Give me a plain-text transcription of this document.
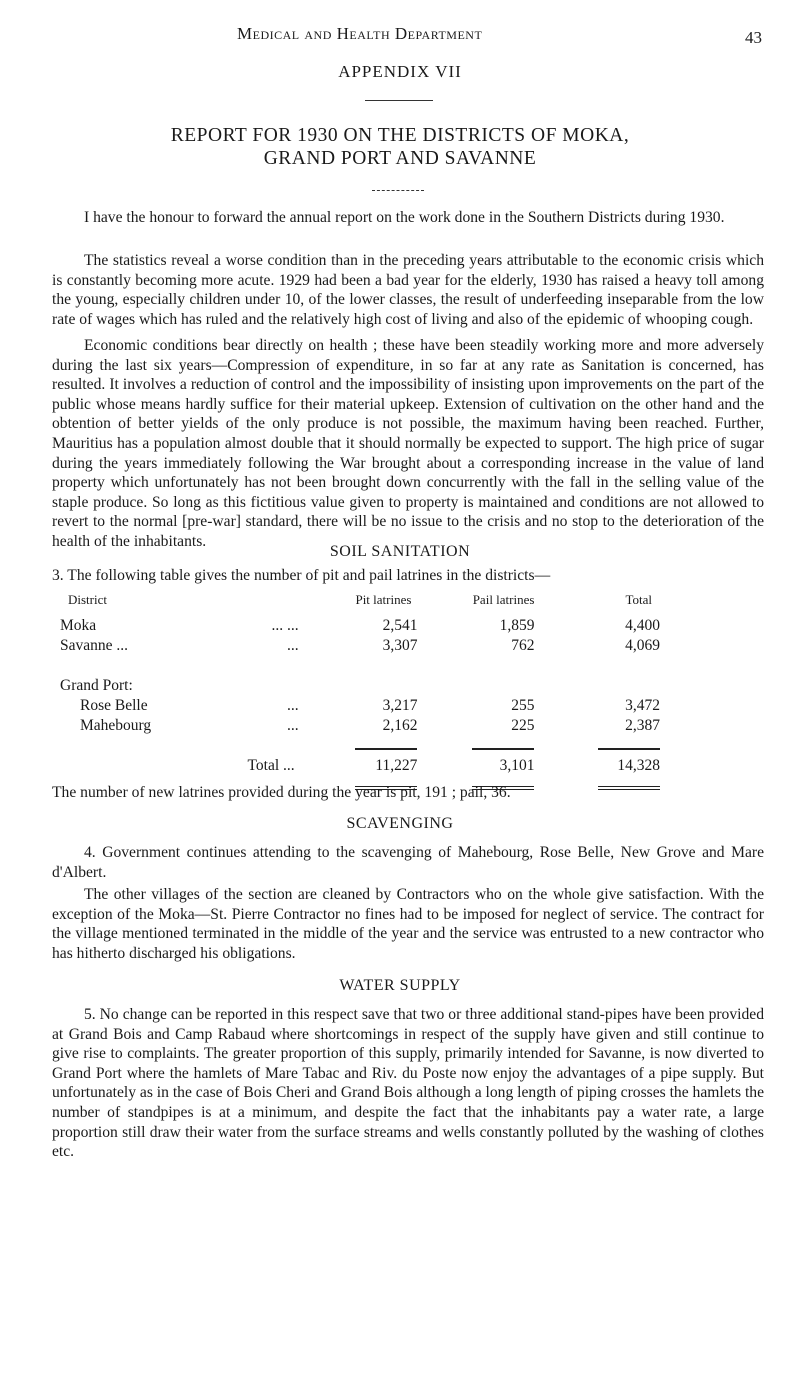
Medical and Health Department	43
APPENDIX VII
REPORT FOR 1930 ON THE DISTRICTS OF MOKA,
GRAND PORT AND SAVANNE

I have the honour to forward the annual report on the work done in the Southern Districts during 1930.

The statistics reveal a worse condition than in the preceding years attributable to the economic crisis which is constantly becoming more acute. 1929 had been a bad year for the elderly, 1930 has raised a heavy toll among the young, especially children under 10, of the lower classes, the result of underfeeding inseparable from the low rate of wages which has ruled and the relatively high cost of living and also of the epidemic of whooping cough.

Economic conditions bear directly on health ; these have been steadily working more and more adversely during the last six years—Compression of expenditure, in so far at any rate as Sanitation is concerned, has resulted. It involves a reduction of control and the impossibility of insisting upon improvements on the part of the public whose means hardly suffice for their material upkeep. Extension of cultivation on the other hand and the obtention of better yields of the only produce is not possible, the maximum having been reached. Further, Mauritius has a population almost double that it should normally be expected to support. The high price of sugar during the years immediately following the War brought about a corresponding increase in the value of land property which unfortunately has not been brought down concurrently with the fall in the selling value of the staple produce. So long as this fictitious value given to property is maintained and conditions are not allowed to revert to the normal [pre-war] standard, there will be no issue to the crisis and no stop to the deterioration of the health of the inhabitants.

SOIL SANITATION
3. The following table gives the number of pit and pail latrines in the districts—
District	Pit latrines	Pail latrines	Total
Moka ... ...	2,541	1,859	4,400
Savanne ... ...	3,307	762	4,069

Grand Port:			
Rose Belle ...	3,217	255	3,472
Mahebourg ...	2,162	225	2,387

Total ...	11,227	3,101	14,328

The number of new latrines provided during the year is pit, 191 ; pail, 36.
SCAVENGING

4. Government continues attending to the scavenging of Mahebourg, Rose Belle, New Grove and Mare d'Albert.

The other villages of the section are cleaned by Contractors who on the whole give satisfaction. With the exception of the Moka—St. Pierre Contractor no fines had to be imposed for neglect of service. The contract for the village mentioned terminated in the middle of the year and the service was entrusted to a new contractor who has hitherto discharged his obligations.

WATER SUPPLY

5. No change can be reported in this respect save that two or three additional stand-pipes have been provided at Grand Bois and Camp Rabaud where shortcomings in respect of the supply have given and still continue to give rise to complaints. The greater proportion of this supply, primarily intended for Savanne, is now diverted to Grand Port where the hamlets of Mare Tabac and Riv. du Poste now enjoy the advantages of a pipe supply. But unfortunately as in the case of Bois Cheri and Grand Bois although a long length of piping crosses the hamlets the number of standpipes is at a minimum, and despite the fact that the inhabitants pay a water rate, a large proportion still draw their water from the surface streams and wells constantly polluted by the washing of clothes etc.
